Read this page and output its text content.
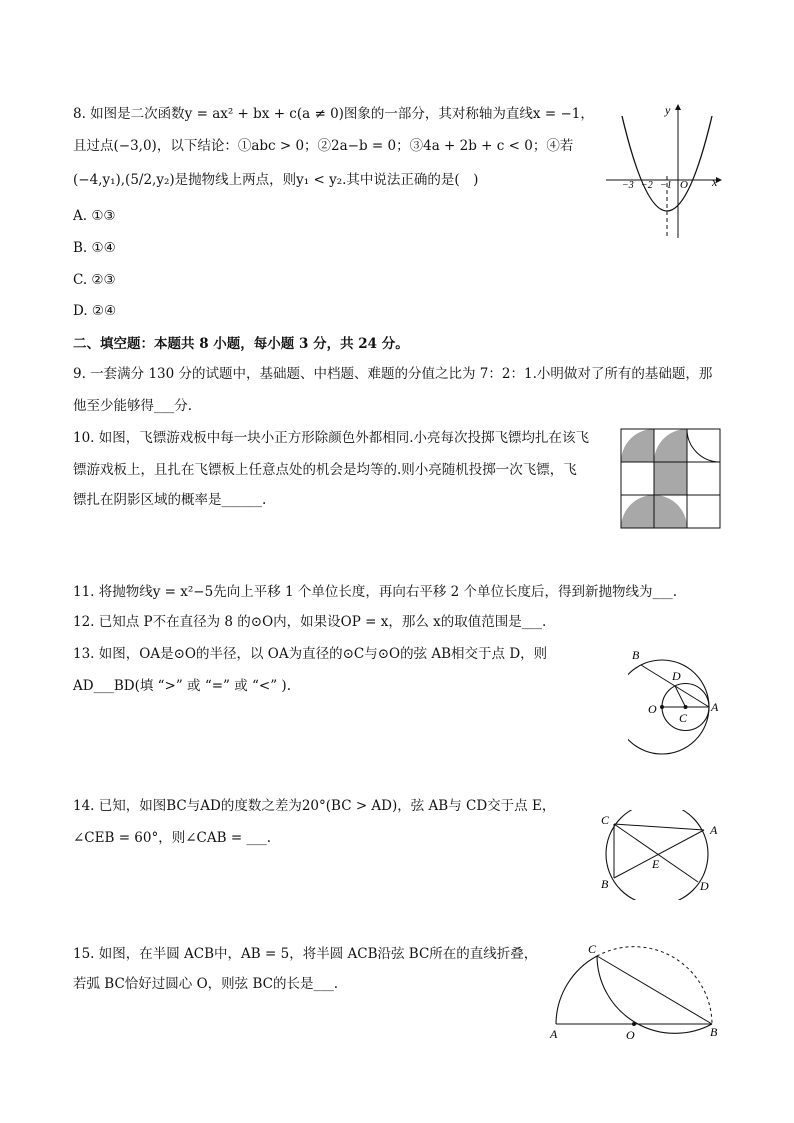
8. 如图是二次函数y = ax² + bx + c(a ≠ 0)图象的一部分，其对称轴为直线x = −1，
且过点(−3,0)，以下结论：①abc > 0；②2a−b = 0；③4a + 2b + c < 0；④若
(−4,y₁),(5/2,y₂)是抛物线上两点，则y₁ < y₂.其中说法正确的是(　)
A. ①③
B. ①④
C. ②③
D. ②④
y
x
O
−3 −2 −1
二、填空题：本题共 8 小题，每小题 3 分，共 24 分。
9. 一套满分 130 分的试题中，基础题、中档题、难题的分值之比为 7：2：1.小明做对了所有的基础题，那
他至少能够得___分.
10. 如图，飞镖游戏板中每一块小正方形除颜色外都相同.小亮每次投掷飞镖均扎在该飞
镖游戏板上，且扎在飞镖板上任意点处的机会是均等的.则小亮随机投掷一次飞镖，飞
镖扎在阴影区域的概率是______.
11. 将抛物线y = x²−5先向上平移 1 个单位长度，再向右平移 2 个单位长度后，得到新抛物线为___.
12. 已知点 P不在直径为 8 的⊙O内，如果设OP = x，那么 x的取值范围是___.
13. 如图，OA是⊙O的半径，以 OA为直径的⊙C与⊙O的弦 AB相交于点 D，则
AD___BD(填 “>” 或 “=” 或 “<” ).
B
D
O
C
A
14. 已知，如图BC与AD的度数之差为20°(BC > AD)，弦 AB与 CD交于点 E，
∠CEB = 60°，则∠CAB = ___.
C
A
E
B	D
15. 如图，在半圆 ACB中，AB = 5，将半圆 ACB沿弦 BC所在的直线折叠，
若弧 BC恰好过圆心 O，则弦 BC的长是___.
C
A	O	B
